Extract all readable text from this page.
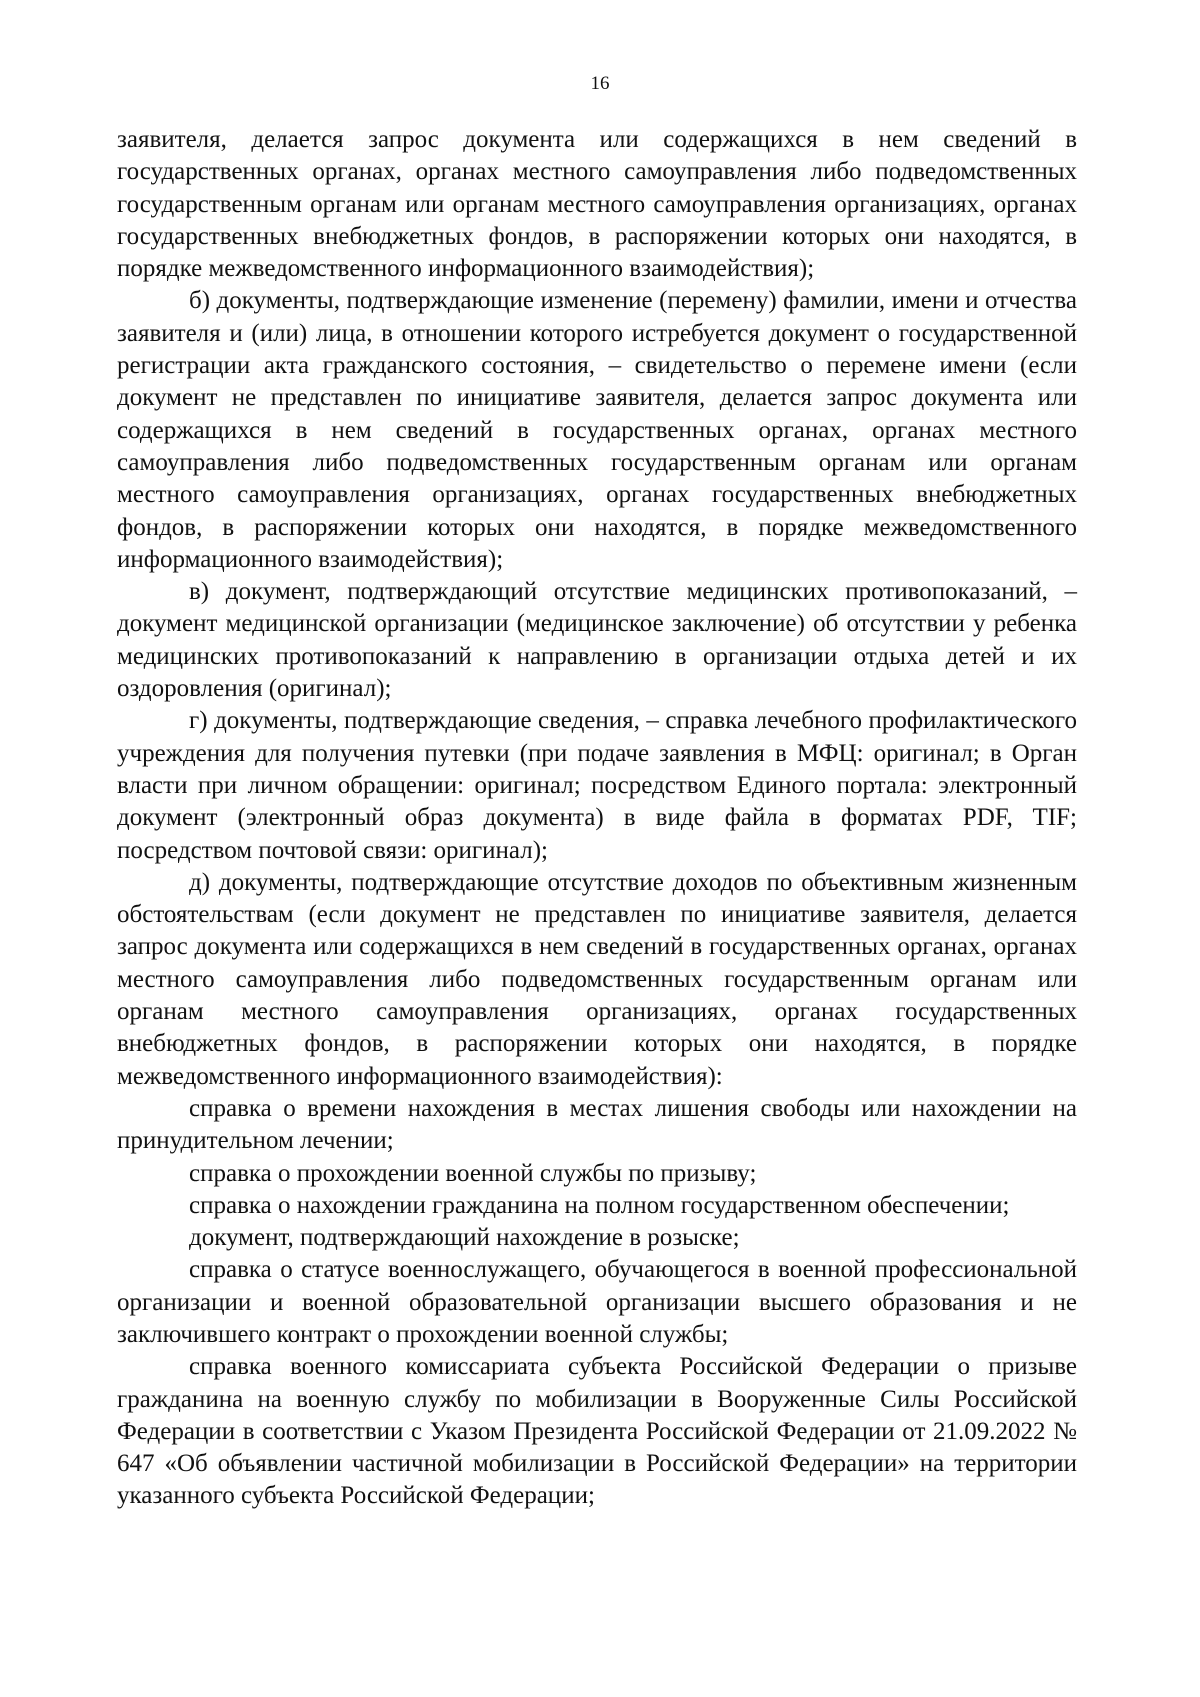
16

заявителя, делается запрос документа или содержащихся в нем сведений в государственных органах, органах местного самоуправления либо подведомственных государственным органам или органам местного самоуправления организациях, органах государственных внебюджетных фондов, в распоряжении которых они находятся, в порядке межведомственного информационного взаимодействия);

б) документы, подтверждающие изменение (перемену) фамилии, имени и отчества заявителя и (или) лица, в отношении которого истребуется документ о государственной регистрации акта гражданского состояния, – свидетельство о перемене имени (если документ не представлен по инициативе заявителя, делается запрос документа или содержащихся в нем сведений в государственных органах, органах местного самоуправления либо подведомственных государственным органам или органам местного самоуправления организациях, органах государственных внебюджетных фондов, в распоряжении которых они находятся, в порядке межведомственного информационного взаимодействия);

в) документ, подтверждающий отсутствие медицинских противопоказаний, – документ медицинской организации (медицинское заключение) об отсутствии у ребенка медицинских противопоказаний к направлению в организации отдыха детей и их оздоровления (оригинал);

г) документы, подтверждающие сведения, – справка лечебного профилактического учреждения для получения путевки (при подаче заявления в МФЦ: оригинал; в Орган власти при личном обращении: оригинал; посредством Единого портала: электронный документ (электронный образ документа) в виде файла в форматах PDF, TIF; посредством почтовой связи: оригинал);

д) документы, подтверждающие отсутствие доходов по объективным жизненным обстоятельствам (если документ не представлен по инициативе заявителя, делается запрос документа или содержащихся в нем сведений в государственных органах, органах местного самоуправления либо подведомственных государственным органам или органам местного самоуправления организациях, органах государственных внебюджетных фондов, в распоряжении которых они находятся, в порядке межведомственного информационного взаимодействия):

справка о времени нахождения в местах лишения свободы или нахождении на принудительном лечении;

справка о прохождении военной службы по призыву;

справка о нахождении гражданина на полном государственном обеспечении;

документ, подтверждающий нахождение в розыске;

справка о статусе военнослужащего, обучающегося в военной профессиональной организации и военной образовательной организации высшего образования и не заключившего контракт о прохождении военной службы;

справка военного комиссариата субъекта Российской Федерации о призыве гражданина на военную службу по мобилизации в Вооруженные Силы Российской Федерации в соответствии с Указом Президента Российской Федерации от 21.09.2022 № 647 «Об объявлении частичной мобилизации в Российской Федерации» на территории указанного субъекта Российской Федерации;
